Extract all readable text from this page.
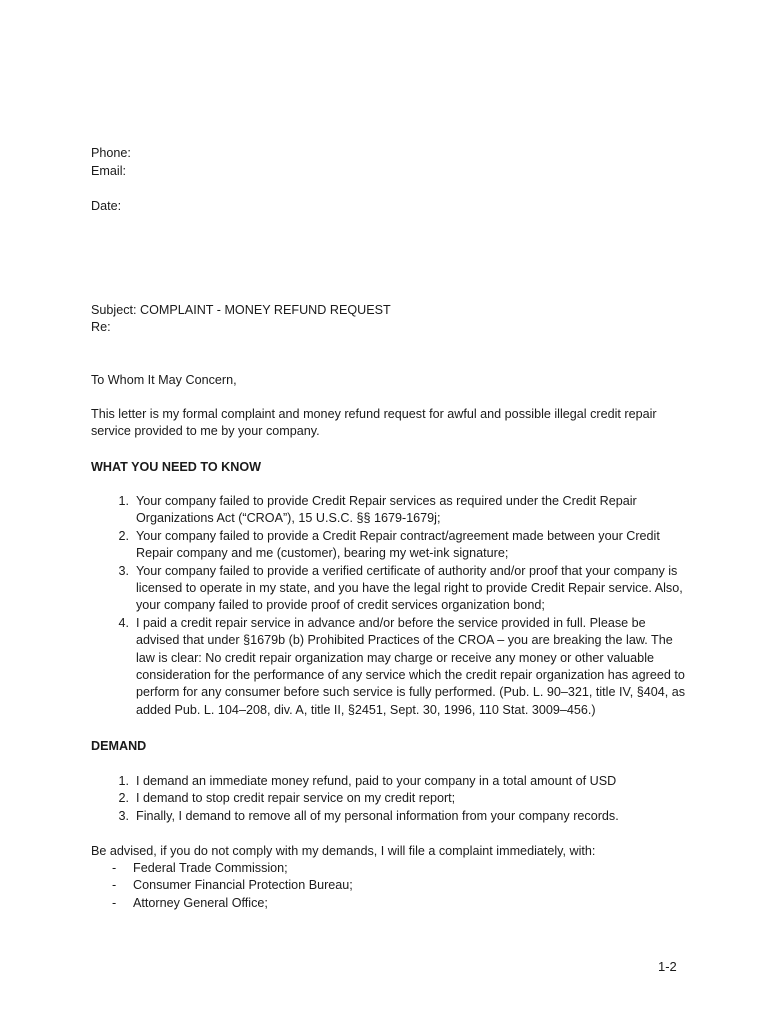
Phone:
Email:
Date:
Subject: COMPLAINT - MONEY REFUND REQUEST
Re:
To Whom It May Concern,
This letter is my formal complaint and money refund request for awful and possible illegal credit repair service provided to me by your company.
WHAT YOU NEED TO KNOW
1. Your company failed to provide Credit Repair services as required under the Credit Repair Organizations Act (“CROA”), 15 U.S.C. §§ 1679-1679j;
2. Your company failed to provide a Credit Repair contract/agreement made between your Credit Repair company and me (customer), bearing my wet-ink signature;
3. Your company failed to provide a verified certificate of authority and/or proof that your company is licensed to operate in my state, and you have the legal right to provide Credit Repair service. Also, your company failed to provide proof of credit services organization bond;
4. I paid a credit repair service in advance and/or before the service provided in full. Please be advised that under §1679b (b) Prohibited Practices of the CROA – you are breaking the law. The law is clear: No credit repair organization may charge or receive any money or other valuable consideration for the performance of any service which the credit repair organization has agreed to perform for any consumer before such service is fully performed. (Pub. L. 90–321, title IV, §404, as added Pub. L. 104–208, div. A, title II, §2451, Sept. 30, 1996, 110 Stat. 3009–456.)
DEMAND
1. I demand an immediate money refund, paid to your company in a total amount of USD
2. I demand to stop credit repair service on my credit report;
3. Finally, I demand to remove all of my personal information from your company records.
Be advised, if you do not comply with my demands, I will file a complaint immediately, with:
- Federal Trade Commission;
- Consumer Financial Protection Bureau;
- Attorney General Office;
1-2
